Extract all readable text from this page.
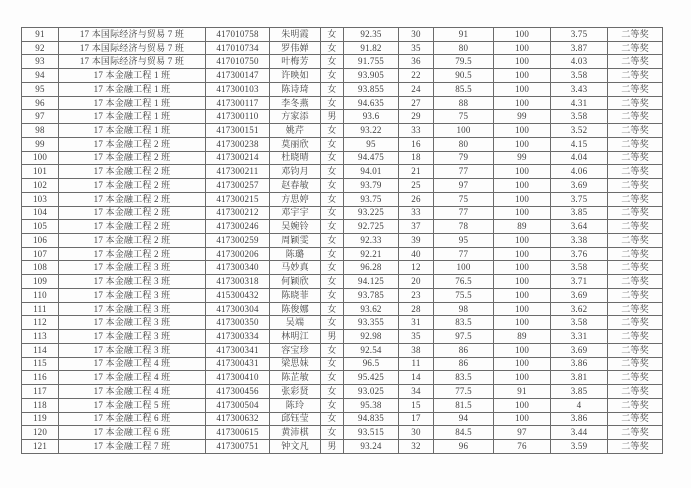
91	17 本国际经济与贸易 7 班	417010758	朱明霞	女	92.35	30	91	100	3.75	二等奖
92	17 本国际经济与贸易 7 班	417010734	罗伟婵	女	91.82	35	80	100	3.87	二等奖
93	17 本国际经济与贸易 7 班	417010750	叶梅芳	女	91.755	36	79.5	100	4.03	二等奖
94	17 本金融工程 1 班	417300147	许映如	女	93.905	22	90.5	100	3.58	二等奖
95	17 本金融工程 1 班	417300103	陈诗琦	女	93.855	24	85.5	100	3.43	二等奖
96	17 本金融工程 1 班	417300117	李冬燕	女	94.635	27	88	100	4.31	二等奖
97	17 本金融工程 1 班	417300110	方家添	男	93.6	29	75	99	3.58	二等奖
98	17 本金融工程 1 班	417300151	姚芹	女	93.22	33	100	100	3.52	二等奖
99	17 本金融工程 2 班	417300238	莫丽欣	女	95	16	80	100	4.15	二等奖
100	17 本金融工程 2 班	417300214	杜晓晴	女	94.475	18	79	99	4.04	二等奖
101	17 本金融工程 2 班	417300211	邓钧月	女	94.01	21	77	100	4.06	二等奖
102	17 本金融工程 2 班	417300257	赵春敏	女	93.79	25	97	100	3.69	二等奖
103	17 本金融工程 2 班	417300215	方思婷	女	93.75	26	75	100	3.75	二等奖
104	17 本金融工程 2 班	417300212	邓宇宇	女	93.225	33	77	100	3.85	二等奖
105	17 本金融工程 2 班	417300246	吴婉铃	女	92.725	37	78	89	3.64	二等奖
106	17 本金融工程 2 班	417300259	周颖雯	女	92.33	39	95	100	3.38	二等奖
107	17 本金融工程 2 班	417300206	陈璐	女	92.21	40	77	100	3.76	二等奖
108	17 本金融工程 3 班	417300340	马妙真	女	96.28	12	100	100	3.58	二等奖
109	17 本金融工程 3 班	417300318	何颖欣	女	94.125	20	76.5	100	3.71	二等奖
110	17 本金融工程 3 班	415300432	陈晓菲	女	93.785	23	75.5	100	3.69	二等奖
111	17 本金融工程 3 班	417300304	陈俊娜	女	93.62	28	98	100	3.62	二等奖
112	17 本金融工程 3 班	417300350	吴端	女	93.355	31	83.5	100	3.58	二等奖
113	17 本金融工程 3 班	417300334	林明江	男	92.98	35	97.5	89	3.31	二等奖
114	17 本金融工程 3 班	417300341	容宝珍	女	92.54	38	86	100	3.69	二等奖
115	17 本金融工程 4 班	417300431	梁思妹	女	96.5	11	86	100	3.86	二等奖
116	17 本金融工程 4 班	417300410	陈芷敏	女	95.425	14	83.5	100	3.81	二等奖
117	17 本金融工程 4 班	417300456	张彩贤	女	93.025	34	77.5	91	3.85	二等奖
118	17 本金融工程 5 班	417300504	陈玲	女	95.38	15	81.5	100	4	二等奖
119	17 本金融工程 6 班	417300632	邱钰莹	女	94.835	17	94	100	3.86	二等奖
120	17 本金融工程 6 班	417300615	黄沛棋	女	93.515	30	84.5	97	3.44	二等奖
121	17 本金融工程 7 班	417300751	钟文凡	男	93.24	32	96	76	3.59	二等奖
